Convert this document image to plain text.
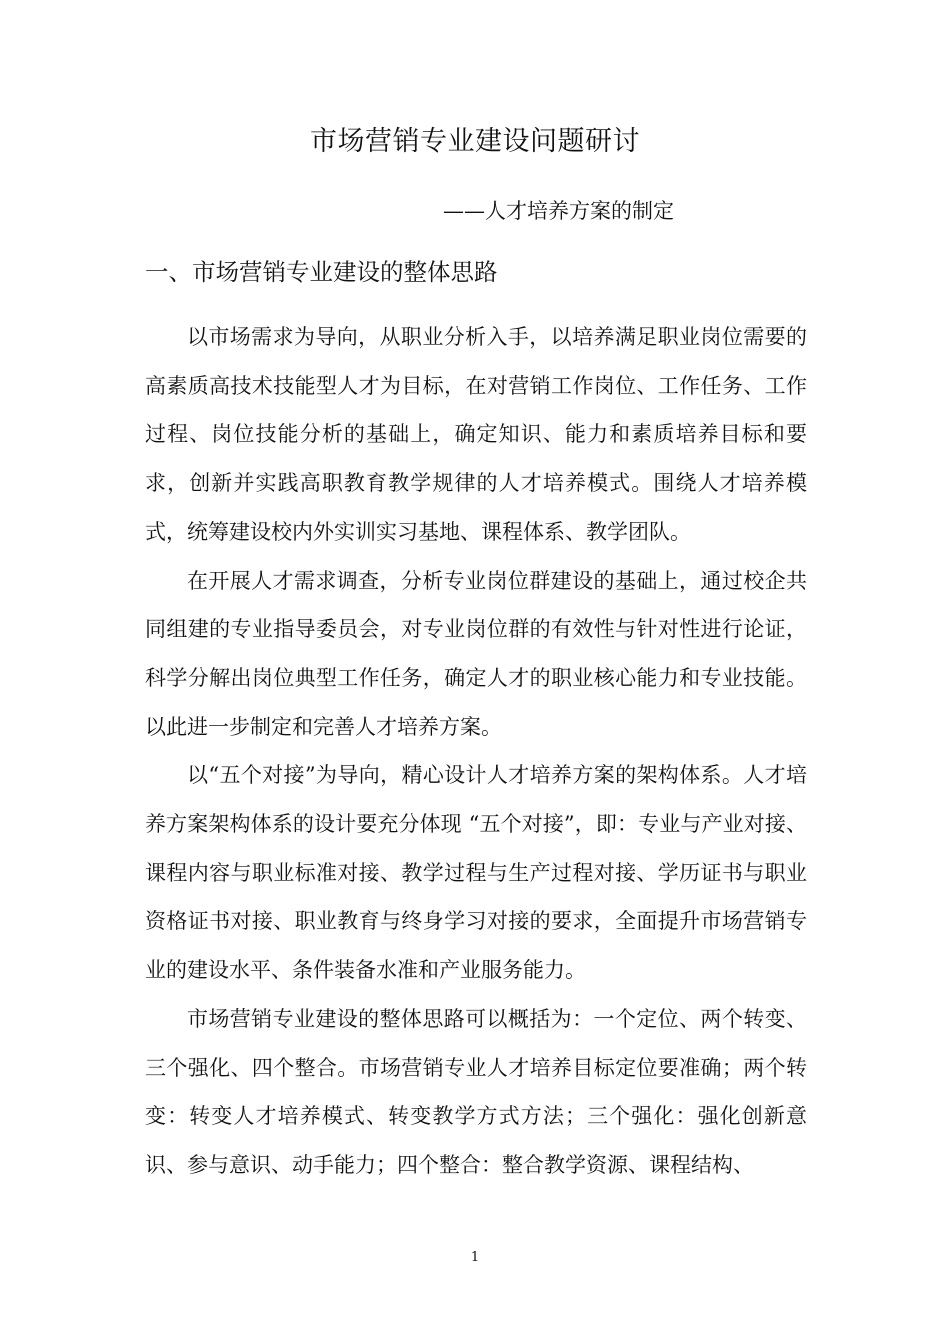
市场营销专业建设问题研讨
——人才培养方案的制定
一、市场营销专业建设的整体思路

以市场需求为导向，从职业分析入手，以培养满足职业岗位需要的高素质高技术技能型人才为目标，在对营销工作岗位、工作任务、工作过程、岗位技能分析的基础上，确定知识、能力和素质培养目标和要求，创新并实践高职教育教学规律的人才培养模式。围绕人才培养模式，统筹建设校内外实训实习基地、课程体系、教学团队。

在开展人才需求调查，分析专业岗位群建设的基础上，通过校企共同组建的专业指导委员会，对专业岗位群的有效性与针对性进行论证，科学分解出岗位典型工作任务，确定人才的职业核心能力和专业技能。以此进一步制定和完善人才培养方案。

以“五个对接”为导向，精心设计人才培养方案的架构体系。人才培养方案架构体系的设计要充分体现 “五个对接”，即：专业与产业对接、课程内容与职业标准对接、教学过程与生产过程对接、学历证书与职业资格证书对接、职业教育与终身学习对接的要求，全面提升市场营销专业的建设水平、条件装备水准和产业服务能力。

市场营销专业建设的整体思路可以概括为：一个定位、两个转变、三个强化、四个整合。市场营销专业人才培养目标定位要准确；两个转变：转变人才培养模式、转变教学方式方法；三个强化：强化创新意识、参与意识、动手能力；四个整合：整合教学资源、课程结构、

1
